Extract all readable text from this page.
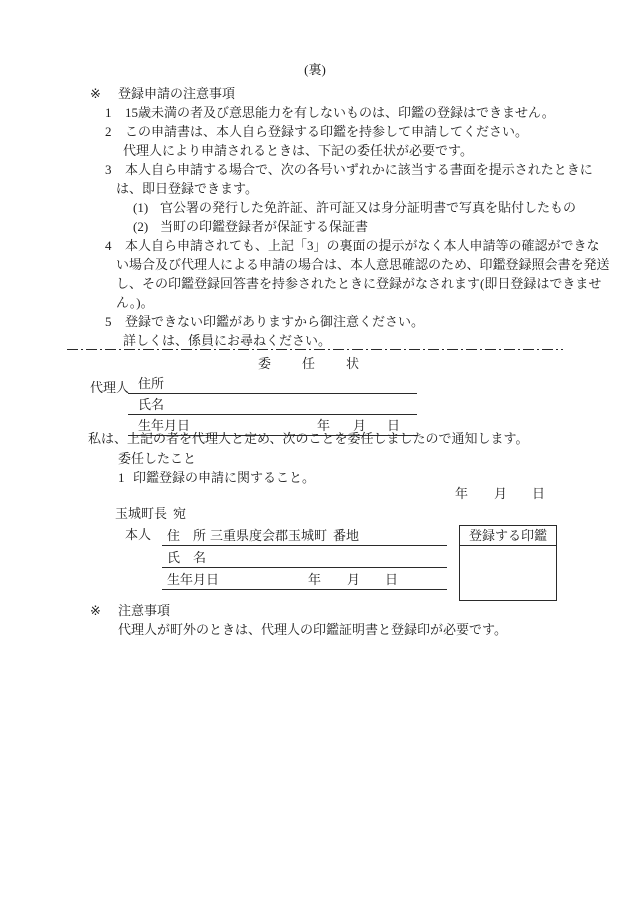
(裏)
※ 登録申請の注意事項
1 15歳未満の者及び意思能力を有しないものは、印鑑の登録はできません。
2 この申請書は、本人自ら登録する印鑑を持参して申請してください。
代理人により申請されるときは、下記の委任状が必要です。
3 本人自ら申請する場合で、次の各号いずれかに該当する書面を提示されたときに
は、即日登録できます。
(1) 官公署の発行した免許証、許可証又は身分証明書で写真を貼付したもの
(2) 当町の印鑑登録者が保証する保証書
4 本人自ら申請されても、上記「3」の裏面の提示がなく本人申請等の確認ができな
い場合及び代理人による申請の場合は、本人意思確認のため、印鑑登録照会書を発送
し、その印鑑登録回答書を持参されたときに登録がなされます(即日登録はできませ
ん。)。
5 登録できない印鑑がありますから御注意ください。
詳しくは、係員にお尋ねください。
委任状
代理人 住所
氏名
生年月日	年 月 日
私は、上記の者を代理人と定め、次のことを委任しましたので通知します。
委任したこと
1 印鑑登録の申請に関すること。
年 月 日
玉城町長 宛
本人 住　所 三重県度会郡玉城町 番地
氏　名
生年月日	年 月 日
登録する印鑑
※ 注意事項
代理人が町外のときは、代理人の印鑑証明書と登録印が必要です。
